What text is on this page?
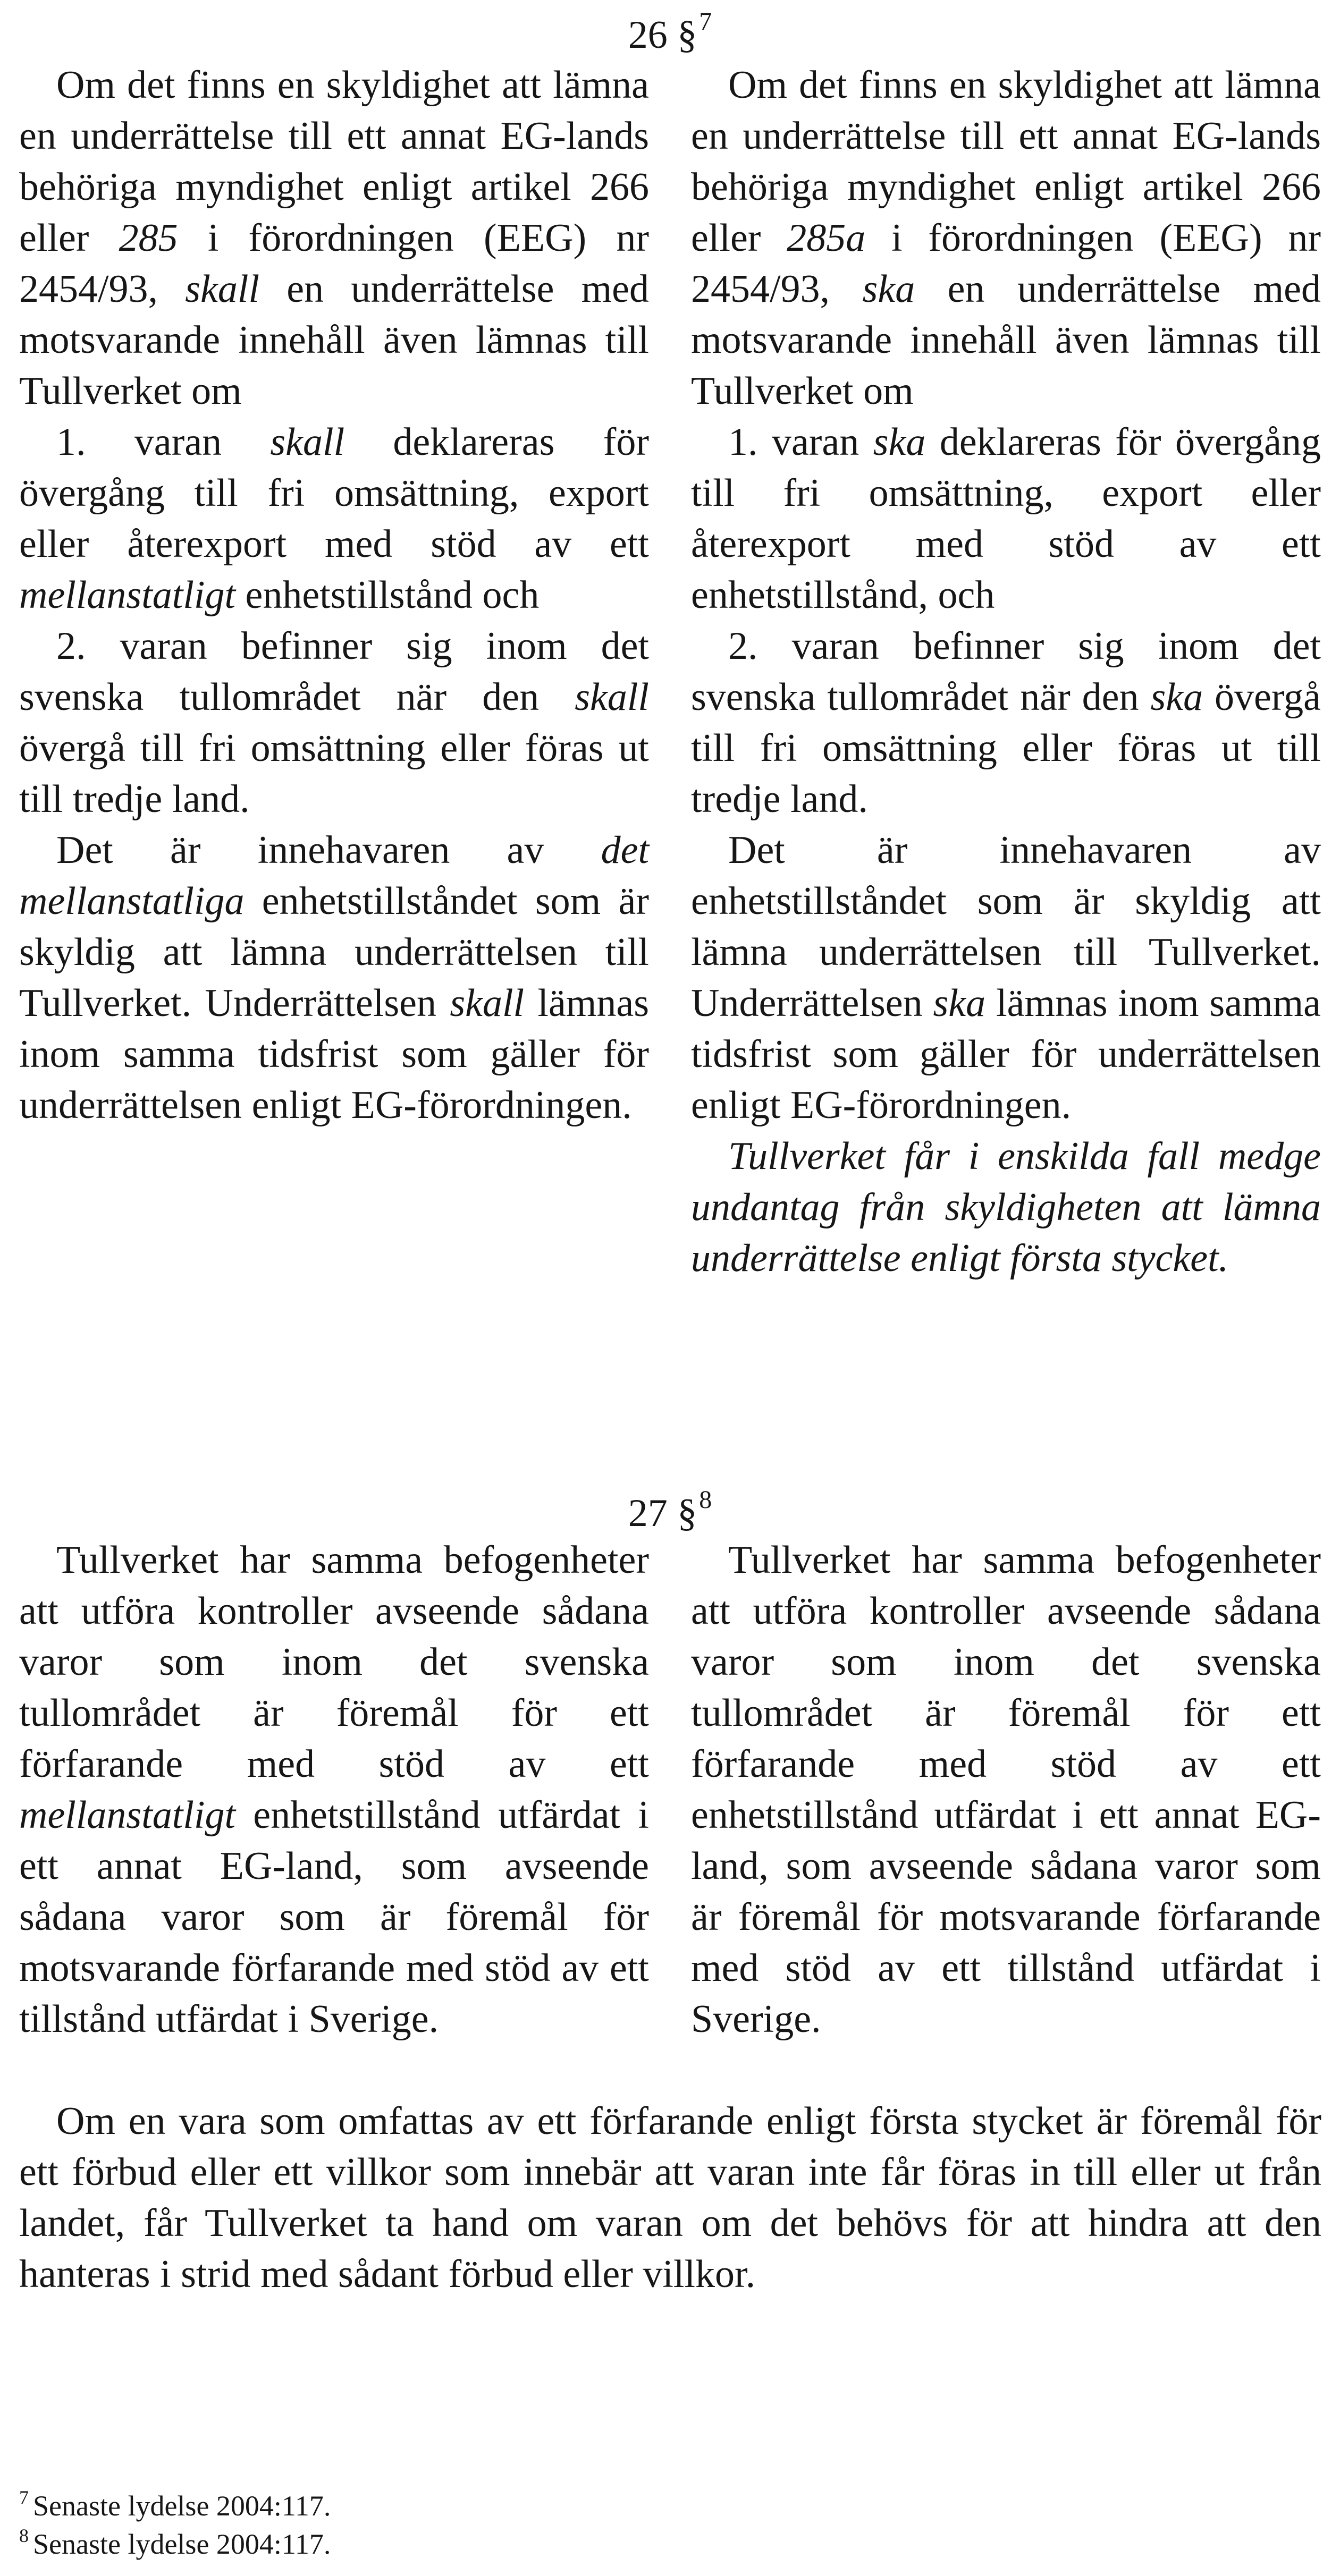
26 §$^7$

Om det finns en skyldighet att lämna en underrättelse till ett annat EG-lands behöriga myndighet enligt artikel 266 eller 285 i förordningen (EEG) nr 2454/93, skall en underrättelse med motsvarande innehåll även lämnas till Tullverket om

1. varan skall deklareras för övergång till fri omsättning, export eller återexport med stöd av ett mellanstatligt enhetstillstånd och

2. varan befinner sig inom det svenska tullområdet när den skall övergå till fri omsättning eller föras ut till tredje land.

Det är innehavaren av det mellanstatliga enhetstillståndet som är skyldig att lämna underrättelsen till Tullverket. Underrättelsen skall lämnas inom samma tidsfrist som gäller för underrättelsen enligt EG-förordningen.

Om det finns en skyldighet att lämna en underrättelse till ett annat EG-lands behöriga myndighet enligt artikel 266 eller 285a i förordningen (EEG) nr 2454/93, ska en underrättelse med motsvarande innehåll även lämnas till Tullverket om

1. varan ska deklareras för övergång till fri omsättning, export eller återexport med stöd av ett enhetstillstånd, och

2. varan befinner sig inom det svenska tullområdet när den ska övergå till fri omsättning eller föras ut till tredje land.

Det är innehavaren av enhetstillståndet som är skyldig att lämna underrättelsen till Tullverket. Underrättelsen ska lämnas inom samma tidsfrist som gäller för underrättelsen enligt EG-förordningen.

Tullverket får i enskilda fall medge undantag från skyldigheten att lämna underrättelse enligt första stycket.

27 §$^8$

Tullverket har samma befogenheter att utföra kontroller avseende sådana varor som inom det svenska tullområdet är föremål för ett förfarande med stöd av ett mellanstatligt enhetstillstånd utfärdat i ett annat EG-land, som avseende sådana varor som är föremål för motsvarande förfarande med stöd av ett tillstånd utfärdat i Sverige.

Tullverket har samma befogenheter att utföra kontroller avseende sådana varor som inom det svenska tullområdet är föremål för ett förfarande med stöd av ett enhetstillstånd utfärdat i ett annat EG-land, som avseende sådana varor som är föremål för motsvarande förfarande med stöd av ett tillstånd utfärdat i Sverige.

Om en vara som omfattas av ett förfarande enligt första stycket är föremål för ett förbud eller ett villkor som innebär att varan inte får föras in till eller ut från landet, får Tullverket ta hand om varan om det behövs för att hindra att den hanteras i strid med sådant förbud eller villkor.

$^7$ Senaste lydelse 2004:117.
$^8$ Senaste lydelse 2004:117.
